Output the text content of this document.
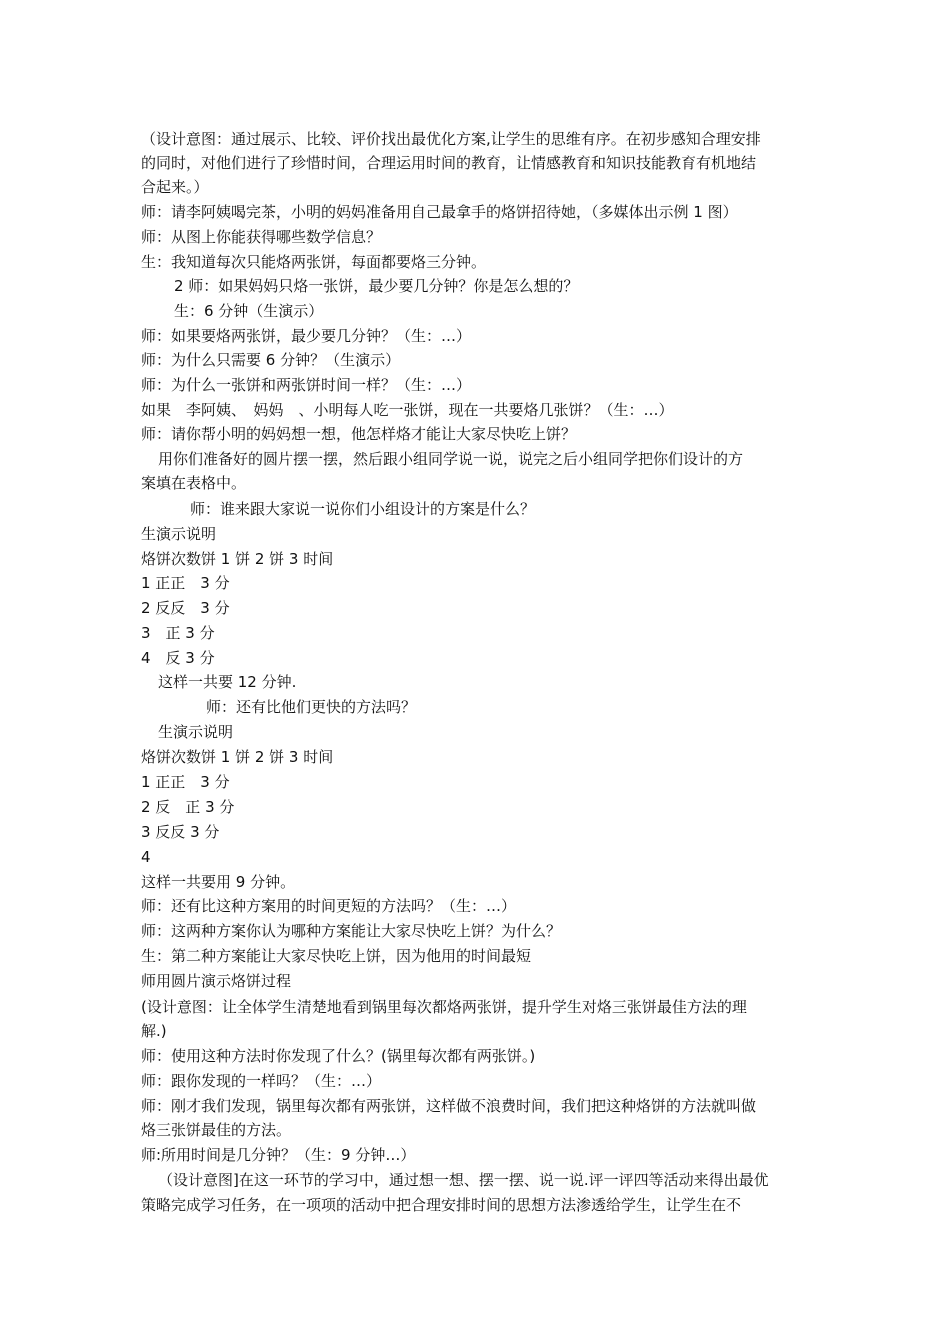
（设计意图：通过展示、比较、评价找出最优化方案,让学生的思维有序。在初步感知合理安排
的同时，对他们进行了珍惜时间，合理运用时间的教育，让情感教育和知识技能教育有机地结
合起来。）
师：请李阿姨喝完茶，小明的妈妈准备用自己最拿手的烙饼招待她，（多媒体出示例 1 图）
师：从图上你能获得哪些数学信息？
生：我知道每次只能烙两张饼，每面都要烙三分钟。
2 师：如果妈妈只烙一张饼，最少要几分钟？你是怎么想的？
生：6 分钟（生演示）
师：如果要烙两张饼，最少要几分钟？（生：…）
师：为什么只需要 6 分钟？（生演示）
师：为什么一张饼和两张饼时间一样？（生：…）
如果　李阿姨、　妈妈　、小明每人吃一张饼，现在一共要烙几张饼？（生：…）
师：请你帮小明的妈妈想一想，他怎样烙才能让大家尽快吃上饼？
用你们准备好的圆片摆一摆，然后跟小组同学说一说，说完之后小组同学把你们设计的方
案填在表格中。
师：谁来跟大家说一说你们小组设计的方案是什么？
生演示说明
烙饼次数饼 1 饼 2 饼 3 时间
1 正正　3 分
2 反反　3 分
3　正 3 分
4　反 3 分
这样一共要 12 分钟.
师：还有比他们更快的方法吗？
生演示说明
烙饼次数饼 1 饼 2 饼 3 时间
1 正正　3 分
2 反　正 3 分
3 反反 3 分
4
这样一共要用 9 分钟。
师：还有比这种方案用的时间更短的方法吗？（生：…）
师：这两种方案你认为哪种方案能让大家尽快吃上饼？为什么？
生：第二种方案能让大家尽快吃上饼，因为他用的时间最短
师用圆片演示烙饼过程
(设计意图：让全体学生清楚地看到锅里每次都烙两张饼，提升学生对烙三张饼最佳方法的理
解.)
师：使用这种方法时你发现了什么？(锅里每次都有两张饼。)
师：跟你发现的一样吗？（生：…）
师：刚才我们发现，锅里每次都有两张饼，这样做不浪费时间，我们把这种烙饼的方法就叫做
烙三张饼最佳的方法。
师:所用时间是几分钟？（生：9 分钟…）
（设计意图]在这一环节的学习中，通过想一想、摆一摆、说一说.评一评四等活动来得出最优
策略完成学习任务，在一项项的活动中把合理安排时间的思想方法渗透给学生，让学生在不
